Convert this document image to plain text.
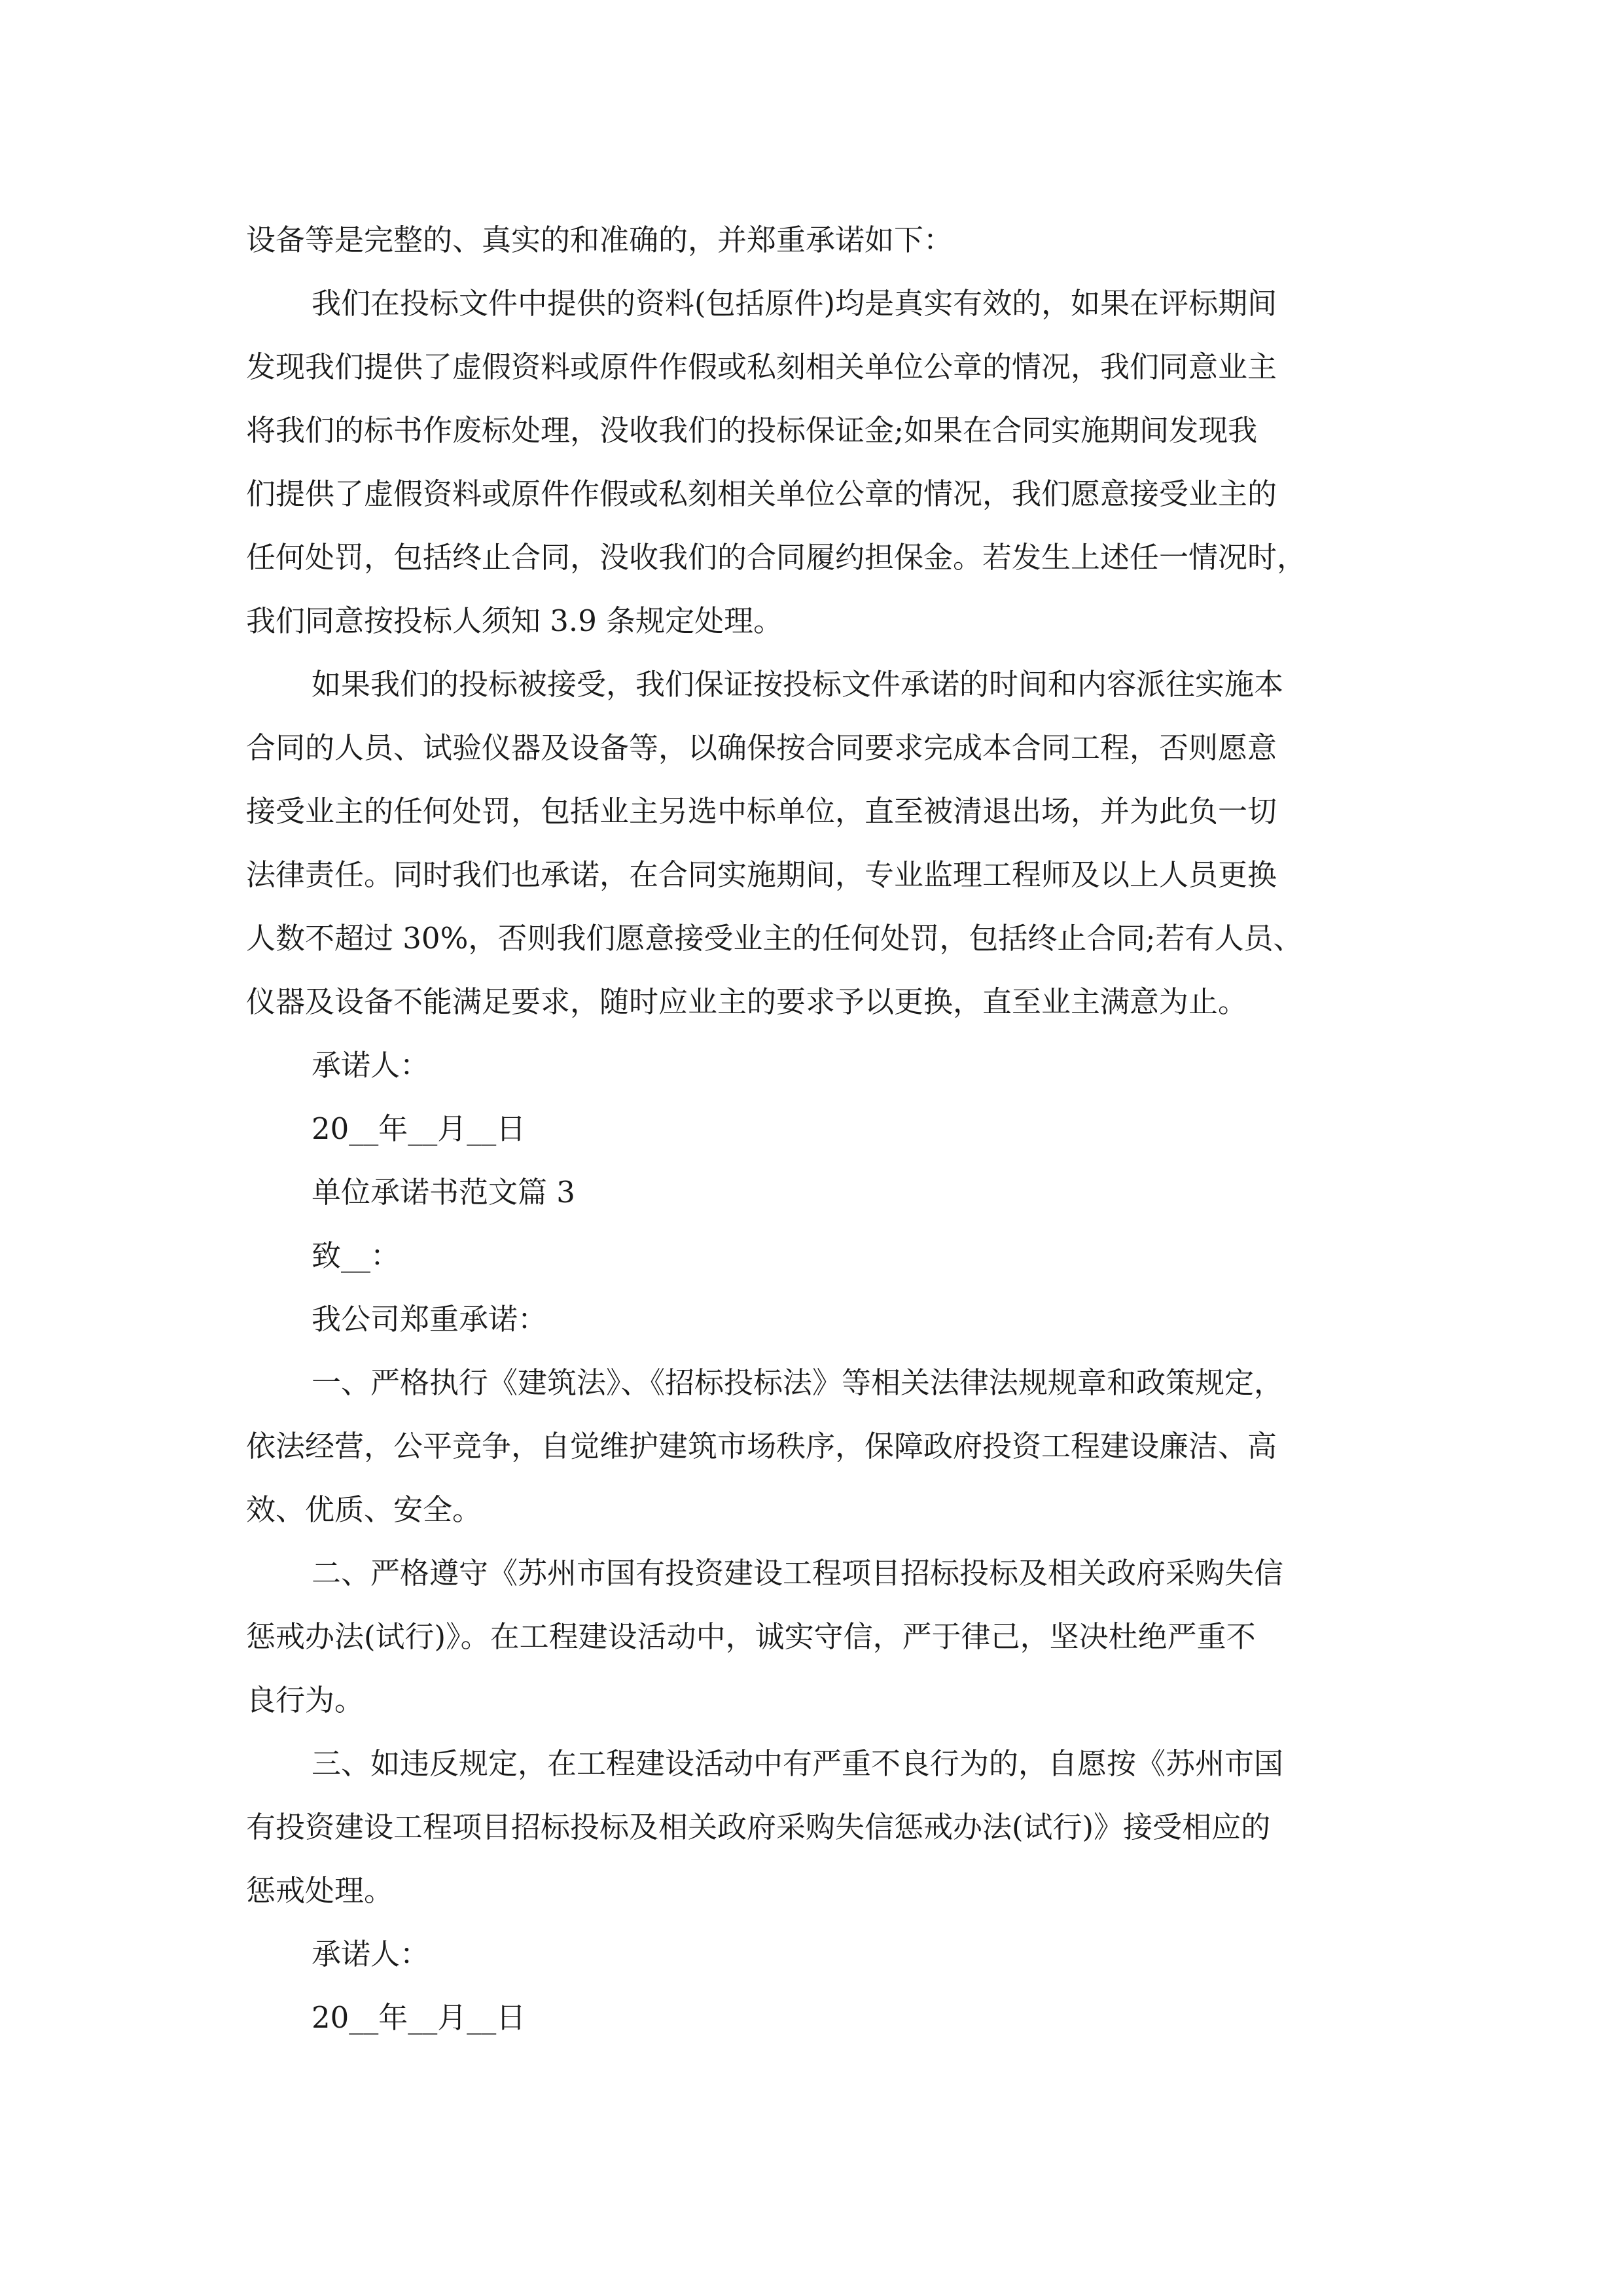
设备等是完整的、真实的和准确的，并郑重承诺如下：

我们在投标文件中提供的资料(包括原件)均是真实有效的，如果在评标期间

发现我们提供了虚假资料或原件作假或私刻相关单位公章的情况，我们同意业主

将我们的标书作废标处理，没收我们的投标保证金;如果在合同实施期间发现我

们提供了虚假资料或原件作假或私刻相关单位公章的情况，我们愿意接受业主的

任何处罚，包括终止合同，没收我们的合同履约担保金。若发生上述任一情况时，

我们同意按投标人须知 3.9 条规定处理。

如果我们的投标被接受，我们保证按投标文件承诺的时间和内容派往实施本

合同的人员、试验仪器及设备等，以确保按合同要求完成本合同工程，否则愿意

接受业主的任何处罚，包括业主另选中标单位，直至被清退出场，并为此负一切

法律责任。同时我们也承诺，在合同实施期间，专业监理工程师及以上人员更换

人数不超过 30%，否则我们愿意接受业主的任何处罚，包括终止合同;若有人员、

仪器及设备不能满足要求，随时应业主的要求予以更换，直至业主满意为止。

承诺人：

20__年__月__日

单位承诺书范文篇 3

致__：

我公司郑重承诺：

一、严格执行《建筑法》、《招标投标法》等相关法律法规规章和政策规定，

依法经营，公平竞争，自觉维护建筑市场秩序，保障政府投资工程建设廉洁、高

效、优质、安全。

二、严格遵守《苏州市国有投资建设工程项目招标投标及相关政府采购失信

惩戒办法(试行)》。在工程建设活动中，诚实守信，严于律己，坚决杜绝严重不

良行为。

三、如违反规定，在工程建设活动中有严重不良行为的，自愿按《苏州市国

有投资建设工程项目招标投标及相关政府采购失信惩戒办法(试行)》接受相应的

惩戒处理。

承诺人：

20__年__月__日
